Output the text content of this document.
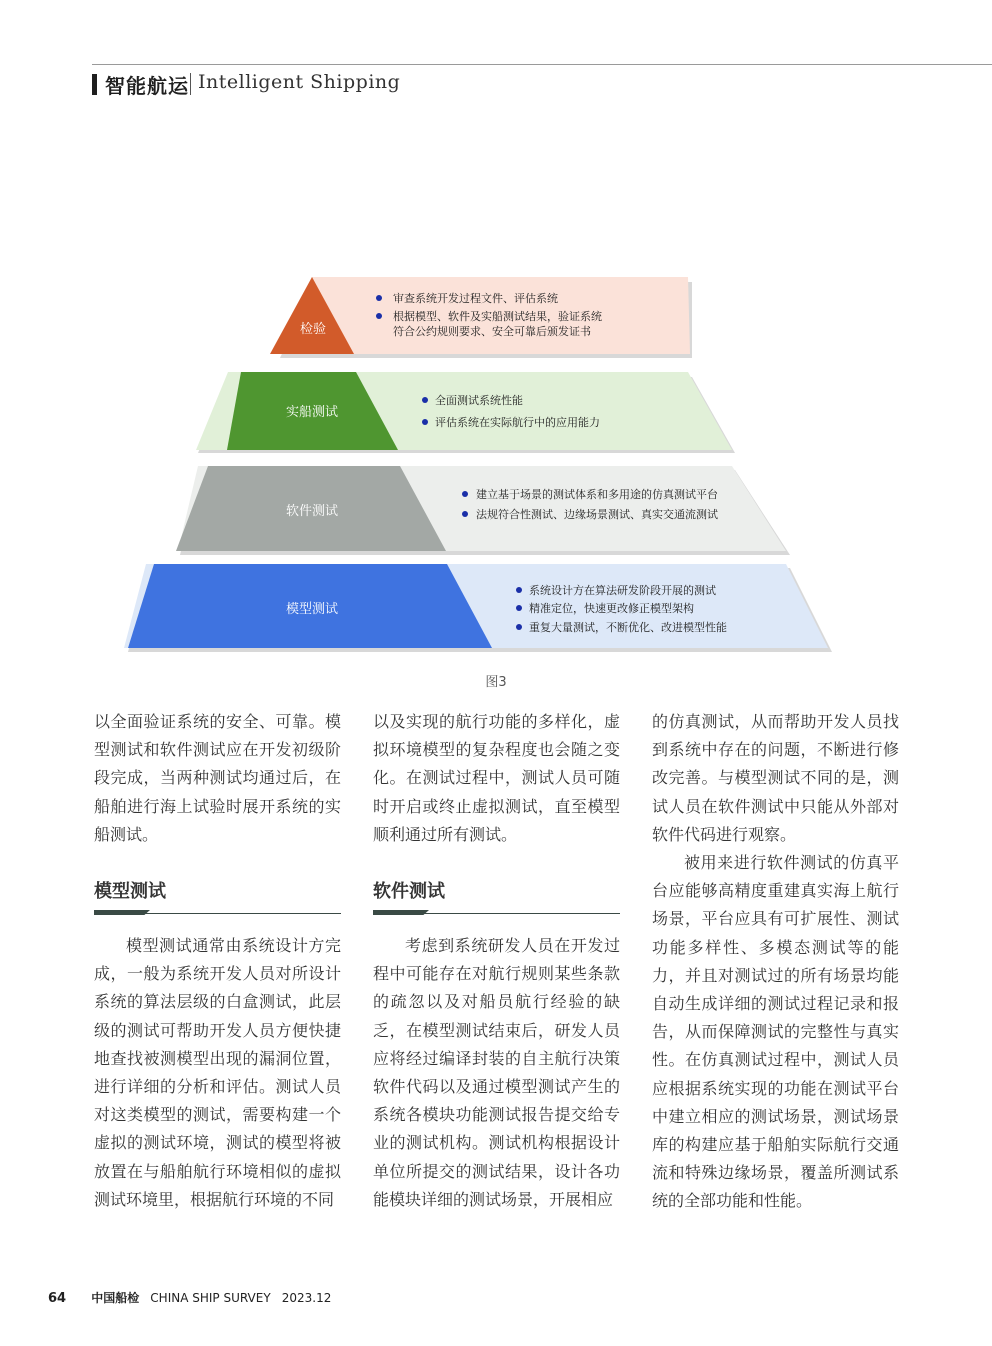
智能航运 Intelligent Shipping
检验
实船测试
软件测试
模型测试
审查系统开发过程文件、评估系统
根据模型、软件及实船测试结果，验证系统
符合公约规则要求、安全可靠后颁发证书
全面测试系统性能
评估系统在实际航行中的应用能力
建立基于场景的测试体系和多用途的仿真测试平台
法规符合性测试、边缘场景测试、真实交通流测试
系统设计方在算法研发阶段开展的测试
精准定位，快速更改修正模型架构
重复大量测试，不断优化、改进模型性能
图3

以全面验证系统的安全、可靠。模型测试和软件测试应在开发初级阶段完成，当两种测试均通过后，在船舶进行海上试验时展开系统的实船测试。

模型测试

模型测试通常由系统设计方完成，一般为系统开发人员对所设计系统的算法层级的白盒测试，此层级的测试可帮助开发人员方便快捷地查找被测模型出现的漏洞位置，进行详细的分析和评估。测试人员对这类模型的测试，需要构建一个虚拟的测试环境，测试的模型将被放置在与船舶航行环境相似的虚拟测试环境里，根据航行环境的不同

以及实现的航行功能的多样化，虚拟环境模型的复杂程度也会随之变化。在测试过程中，测试人员可随时开启或终止虚拟测试，直至模型顺利通过所有测试。

软件测试

考虑到系统研发人员在开发过程中可能存在对航行规则某些条款的疏忽以及对船员航行经验的缺乏，在模型测试结束后，研发人员应将经过编译封装的自主航行决策软件代码以及通过模型测试产生的系统各模块功能测试报告提交给专业的测试机构。测试机构根据设计单位所提交的测试结果，设计各功能模块详细的测试场景，开展相应

的仿真测试，从而帮助开发人员找到系统中存在的问题，不断进行修改完善。与模型测试不同的是，测试人员在软件测试中只能从外部对软件代码进行观察。

被用来进行软件测试的仿真平台应能够高精度重建真实海上航行场景，平台应具有可扩展性、测试功能多样性、多模态测试等的能力，并且对测试过的所有场景均能自动生成详细的测试过程记录和报告，从而保障测试的完整性与真实性。在仿真测试过程中，测试人员应根据系统实现的功能在测试平台中建立相应的测试场景，测试场景库的构建应基于船舶实际航行交通流和特殊边缘场景，覆盖所测试系统的全部功能和性能。

64 中国船检 CHINA SHIP SURVEY 2023.12
